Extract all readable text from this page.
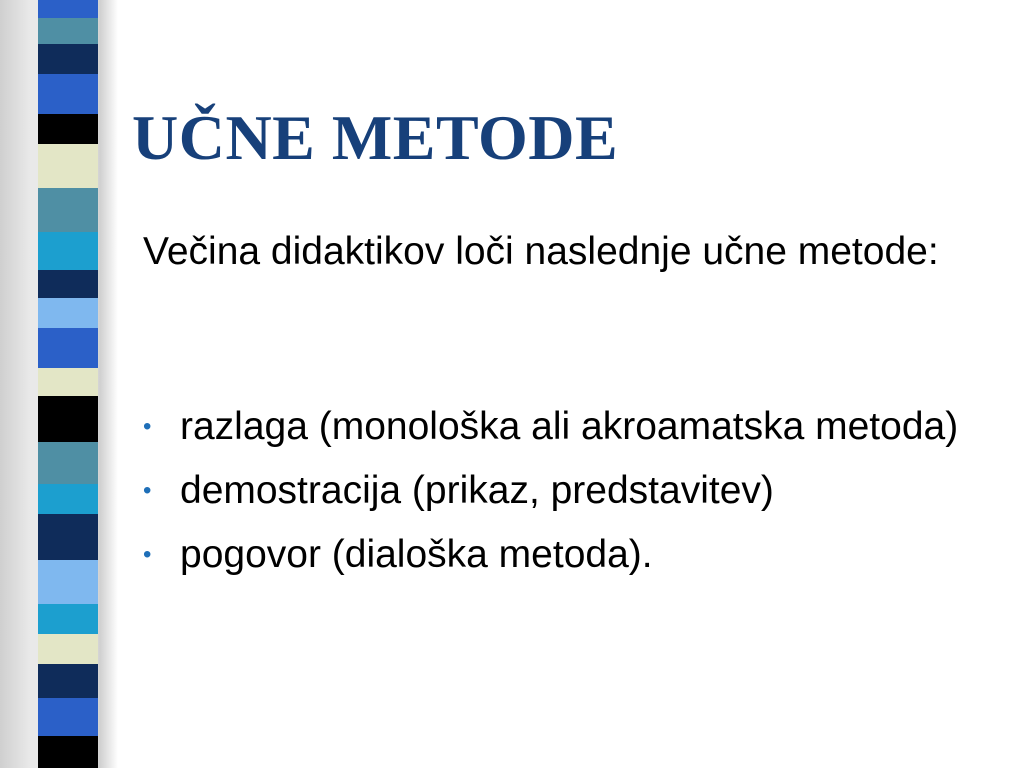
UČNE METODE
Večina didaktikov loči naslednje učne metode:
• razlaga (monološka ali akroamatska metoda)
• demostracija (prikaz, predstavitev)
• pogovor (dialoška metoda).
